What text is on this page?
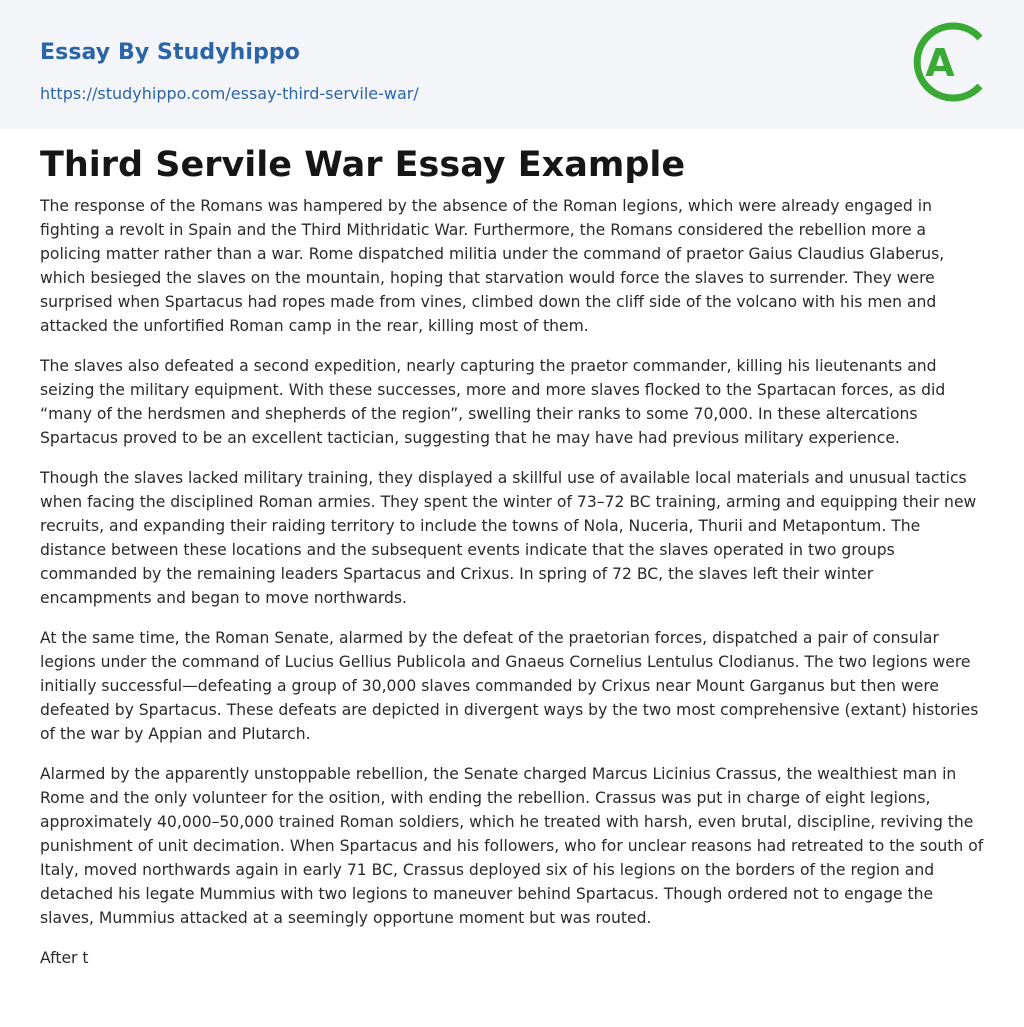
Essay By Studyhippo
https://studyhippo.com/essay-third-servile-war/
A
Third Servile War Essay Example

The response of the Romans was hampered by the absence of the Roman legions, which were already engaged in fighting a revolt in Spain and the Third Mithridatic War. Furthermore, the Romans considered the rebellion more a policing matter rather than a war. Rome dispatched militia under the command of praetor Gaius Claudius Glaberus, which besieged the slaves on the mountain, hoping that starvation would force the slaves to surrender. They were surprised when Spartacus had ropes made from vines, climbed down the cliff side of the volcano with his men and attacked the unfortified Roman camp in the rear, killing most of them.

The slaves also defeated a second expedition, nearly capturing the praetor commander, killing his lieutenants and seizing the military equipment. With these successes, more and more slaves flocked to the Spartacan forces, as did “many of the herdsmen and shepherds of the region”, swelling their ranks to some 70,000. In these altercations Spartacus proved to be an excellent tactician, suggesting that he may have had previous military experience.

Though the slaves lacked military training, they displayed a skillful use of available local materials and unusual tactics when facing the disciplined Roman armies. They spent the winter of 73–72 BC training, arming and equipping their new recruits, and expanding their raiding territory to include the towns of Nola, Nuceria, Thurii and Metapontum. The distance between these locations and the subsequent events indicate that the slaves operated in two groups commanded by the remaining leaders Spartacus and Crixus. In spring of 72 BC, the slaves left their winter encampments and began to move northwards.

At the same time, the Roman Senate, alarmed by the defeat of the praetorian forces, dispatched a pair of consular legions under the command of Lucius Gellius Publicola and Gnaeus Cornelius Lentulus Clodianus. The two legions were initially successful—defeating a group of 30,000 slaves commanded by Crixus near Mount Garganus but then were defeated by Spartacus. These defeats are depicted in divergent ways by the two most comprehensive (extant) histories of the war by Appian and Plutarch.

Alarmed by the apparently unstoppable rebellion, the Senate charged Marcus Licinius Crassus, the wealthiest man in Rome and the only volunteer for the osition, with ending the rebellion. Crassus was put in charge of eight legions, approximately 40,000–50,000 trained Roman soldiers, which he treated with harsh, even brutal, discipline, reviving the punishment of unit decimation. When Spartacus and his followers, who for unclear reasons had retreated to the south of Italy, moved northwards again in early 71 BC, Crassus deployed six of his legions on the borders of the region and detached his legate Mummius with two legions to maneuver behind Spartacus. Though ordered not to engage the slaves, Mummius attacked at a seemingly opportune moment but was routed.

After t
